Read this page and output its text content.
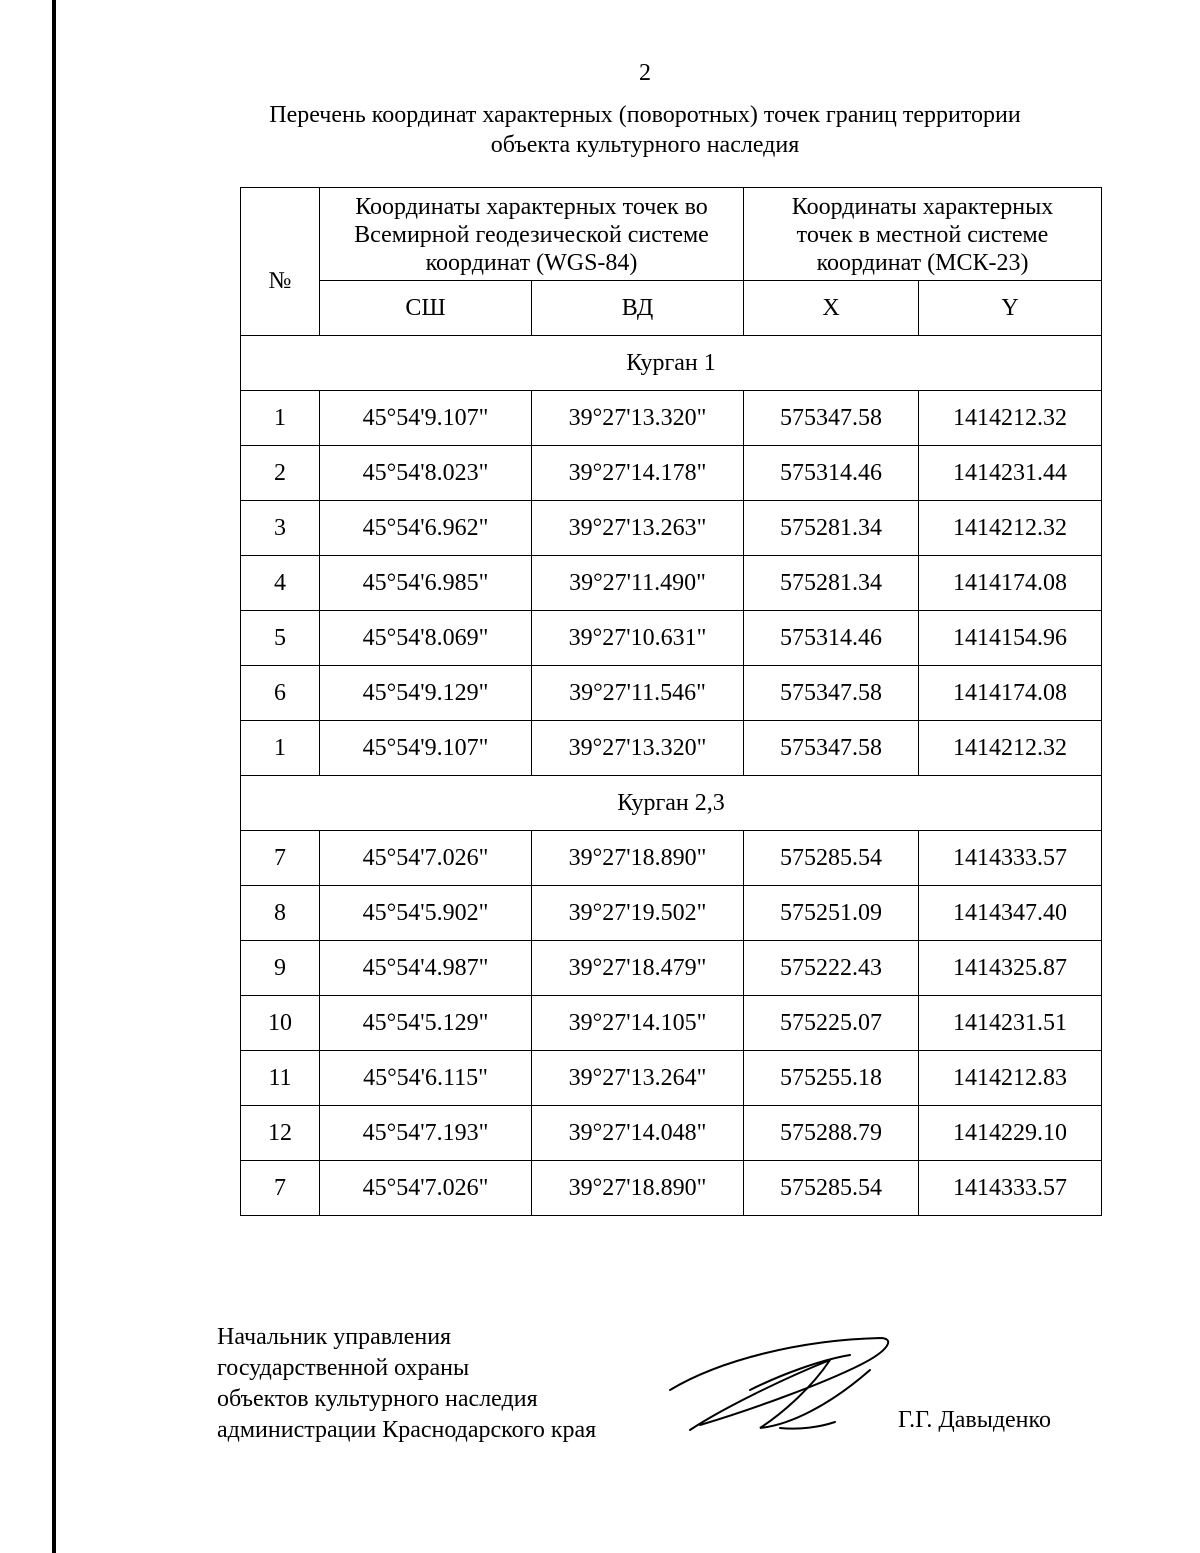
2
Перечень координат характерных (поворотных) точек границ территории
объекта культурного наследия
№	Координаты характерных точек во Всемирной геодезической системе координат (WGS-84)		Координаты характерных точек в местной системе координат (МСК-23)	
	СШ	ВД	X	Y
Курган 1				
1	45°54'9.107"	39°27'13.320"	575347.58	1414212.32
2	45°54'8.023"	39°27'14.178"	575314.46	1414231.44
3	45°54'6.962"	39°27'13.263"	575281.34	1414212.32
4	45°54'6.985"	39°27'11.490"	575281.34	1414174.08
5	45°54'8.069"	39°27'10.631"	575314.46	1414154.96
6	45°54'9.129"	39°27'11.546"	575347.58	1414174.08
1	45°54'9.107"	39°27'13.320"	575347.58	1414212.32
Курган 2,3				
7	45°54'7.026"	39°27'18.890"	575285.54	1414333.57
8	45°54'5.902"	39°27'19.502"	575251.09	1414347.40
9	45°54'4.987"	39°27'18.479"	575222.43	1414325.87
10	45°54'5.129"	39°27'14.105"	575225.07	1414231.51
11	45°54'6.115"	39°27'13.264"	575255.18	1414212.83
12	45°54'7.193"	39°27'14.048"	575288.79	1414229.10
7	45°54'7.026"	39°27'18.890"	575285.54	1414333.57
Начальник управления
государственной охраны
объектов культурного наследия
администрации Краснодарского края	Г.Г. Давыденко
